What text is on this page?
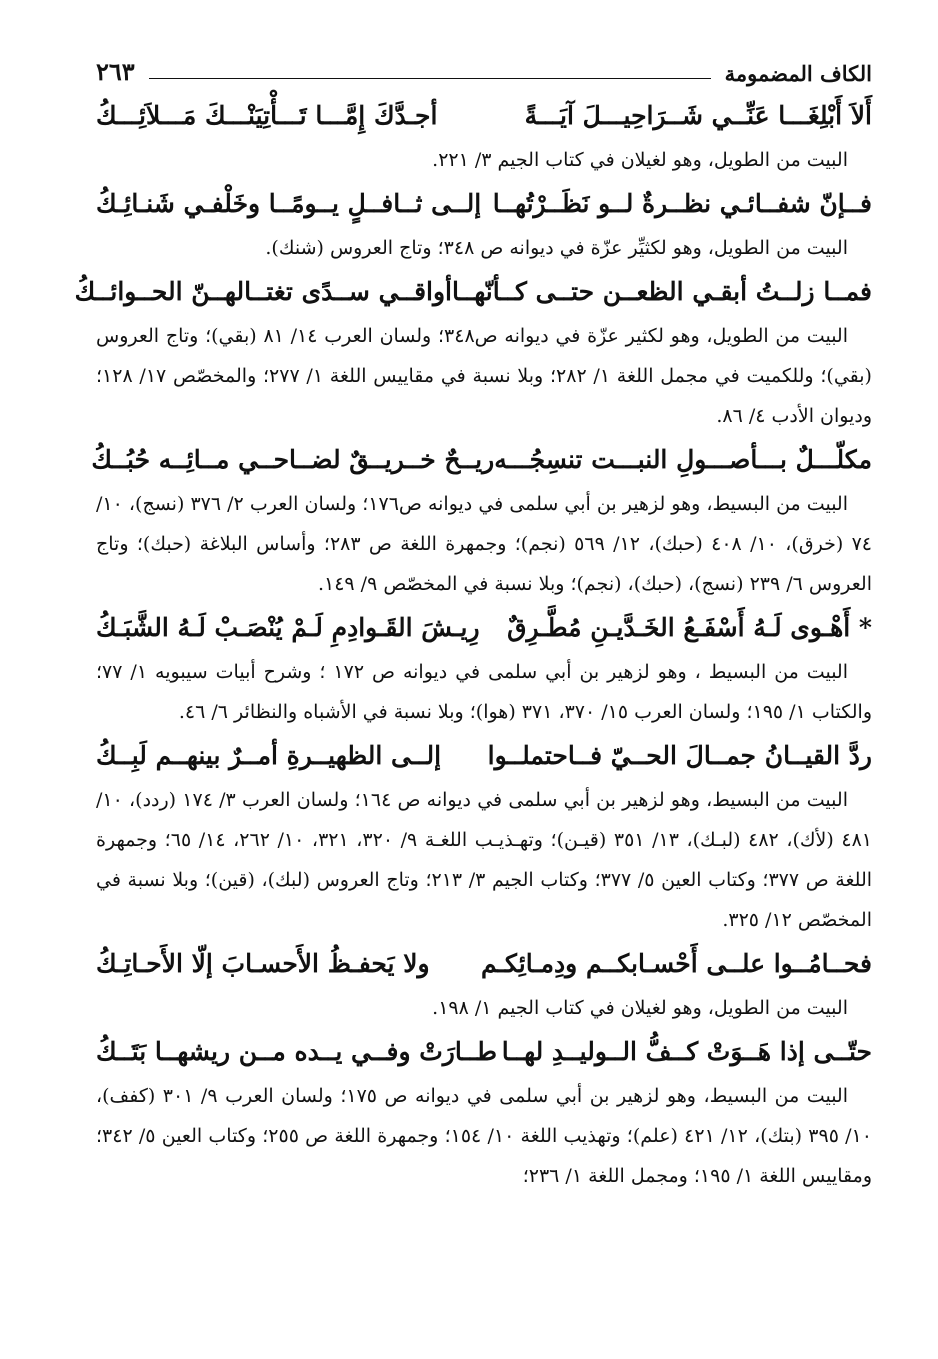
الكاف المضمومة
٢٦٣
أَلاَ أَبْلِغَـــا عَنِّــي شَــرَاحِيـــلَ آيَـــةً
أجـدَّكَ إِمَّـــا تَـــأْتِيَنْـــكَ مَـــلاَئِـــكُ

البيت من الطويل، وهو لغيلان في كتاب الجيم ٣/ ٢٢١.

فــإنّ شفــائـي نظــرةٌ لــو نَظَــرْتُهــا
إلــى ثــافــلٍ يــومًــا وخَلْفـي شَنـائِـكُ

البيت من الطويل، وهو لكثيِّر عزّة في ديوانه ص ٣٤٨؛ وتاج العروس (شنك).

فمــا زلــتُ أبقـي الظعــن حتــى كــأنّهــا
أواقــي ســدًى تغتــالهــنّ الحــوائــكُ

البيت من الطويل، وهو لكثير عزّة في ديوانه ص٣٤٨؛ ولسان العرب ١٤/ ٨١ (بقي)؛ وتاج العروس (بقي)؛ وللكميت في مجمل اللغة ١/ ٢٨٢؛ وبلا نسبة في مقاييس اللغة ١/ ٢٧٧؛ والمخصّص ١٧/ ١٢٨؛ وديوان الأدب ٤/ ٨٦.

مكلّـــلٌ بـــأصـــولِ النبـــت تنسِجُـــه
ريــحٌ خــريــقٌ لضــاحــي مــائِــه حُبُــكُ

البيت من البسيط، وهو لزهير بن أبي سلمى في ديوانه ص١٧٦؛ ولسان العرب ٢/ ٣٧٦ (نسج)، ١٠/ ٧٤ (خرق)، ١٠/ ٤٠٨ (حبك)، ١٢/ ٥٦٩ (نجم)؛ وجمهرة اللغة ص ٢٨٣؛ وأساس البلاغة (حبك)؛ وتاج العروس ٦/ ٢٣٩ (نسج)، (حبك)، (نجم)؛ وبلا نسبة في المخصّص ٩/ ١٤٩.

* أَهْـوى لَـهُ أَسْفَـعُ الخَـدَّيـنِ مُطَّـرِقٌ
رِيـشَ القَـوادِمِ لَـمْ يُنْصَـبْ لَـهُ الشَّبَـكُ

البيت من البسيط ، وهو لزهير بن أبي سلمى في ديوانه ص ١٧٢ ؛ وشرح أبيات سيبويه ١/ ٧٧؛ والكتاب ١/ ١٩٥؛ ولسان العرب ١٥/ ٣٧٠، ٣٧١ (هوا)؛ وبلا نسبة في الأشباه والنظائر ٦/ ٤٦.

ردَّ القيــانُ جمــالَ الحــيّ فــاحتملــوا
إلــى الظهيــرةِ أمــرٌ بينهــم لَبِــكُ

البيت من البسيط، وهو لزهير بن أبي سلمى في ديوانه ص ١٦٤؛ ولسان العرب ٣/ ١٧٤ (ردد)، ١٠/ ٤٨١ (لأك)، ٤٨٢ (لبـك)، ١٣/ ٣٥١ (قيـن)؛ وتهـذيـب اللغـة ٩/ ٣٢٠، ٣٢١، ١٠/ ٢٦٢، ١٤/ ٦٥؛ وجمهرة اللغة ص ٣٧٧؛ وكتاب العين ٥/ ٣٧٧؛ وكتاب الجيم ٣/ ٢١٣؛ وتاج العروس (لبك)، (قين)؛ وبلا نسبة في المخصّص ١٢/ ٣٢٥.

فحــامُــوا علــى أَحْسـابكــم ودِمـائِكـم
ولا يَحفـظُ الأَحسـابَ إلّا الأَحـاتِـكُ

البيت من الطويل، وهو لغيلان في كتاب الجيم ١/ ١٩٨.

حتّــى إذا هَــوَتْ كــفُّ الــوليــدِ لهــا
طــارَتْ وفــي يــده مــن ريشهــا بَتَــكُ

البيت من البسيط، وهو لزهير بن أبي سلمى في ديوانه ص ١٧٥؛ ولسان العرب ٩/ ٣٠١ (كفف)، ١٠/ ٣٩٥ (بتك)، ١٢/ ٤٢١ (علم)؛ وتهذيب اللغة ١٠/ ١٥٤؛ وجمهرة اللغة ص ٢٥٥؛ وكتاب العين ٥/ ٣٤٢؛ ومقاييس اللغة ١/ ١٩٥؛ ومجمل اللغة ١/ ٢٣٦؛
